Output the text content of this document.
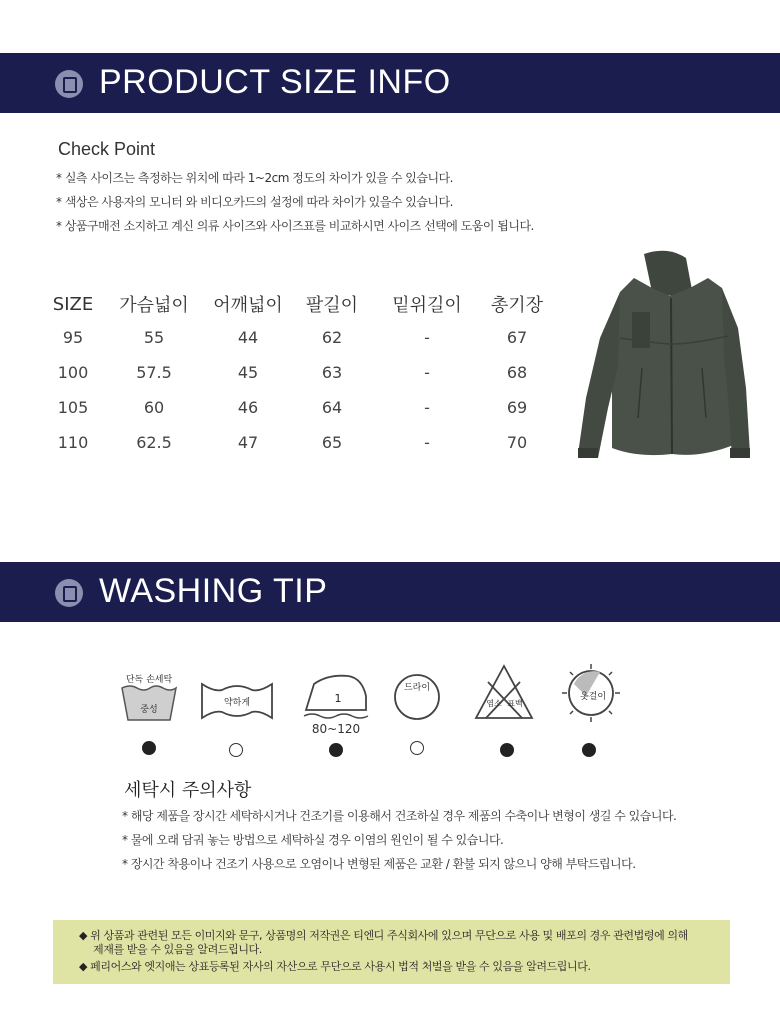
PRODUCT SIZE INFO
Check Point
* 실측 사이즈는 측정하는 위치에 따라 1~2cm 정도의 차이가 있을 수 있습니다.
* 색상은 사용자의 모니터 와 비디오카드의 설정에 따라 차이가 있을수 있습니다.
* 상품구매전 소지하고 계신 의류 사이즈와 사이즈표를 비교하시면 사이즈 선택에 도움이 됩니다.
SIZE	가슴넓이	어깨넓이	팔길이	밑위길이	총기장
95	55	44	62	-	67
100	57.5	45	63	-	68
105	60	46	64	-	69
110	62.5	47	65	-	70
WASHING TIP
단독 손세탁
중성
약하게	1
80~120
드라이
염소 표백
옷걸이
세탁시 주의사항
* 해당 제품을 장시간 세탁하시거나 건조기를 이용해서 건조하실 경우 제품의 수축이나 변형이 생길 수 있습니다.
* 물에 오래 담궈 놓는 방법으로 세탁하실 경우 이염의 원인이 될 수 있습니다.
* 장시간 착용이나 건조기 사용으로 오염이나 변형된 제품은 교환 / 환불 되지 않으니 양해 부탁드립니다.

◆ 위 상품과 관련된 모든 이미지와 문구, 상품명의 저작권은 티엔디 주식회사에 있으며 무단으로 사용 및 배포의 경우 관련법령에 의해

제재를 받을 수 있음을 알려드립니다.

◆ 페리어스와 엣지애는 상표등록된 자사의 자산으로 무단으로 사용시 법적 처벌을 받을 수 있음을 알려드립니다.
